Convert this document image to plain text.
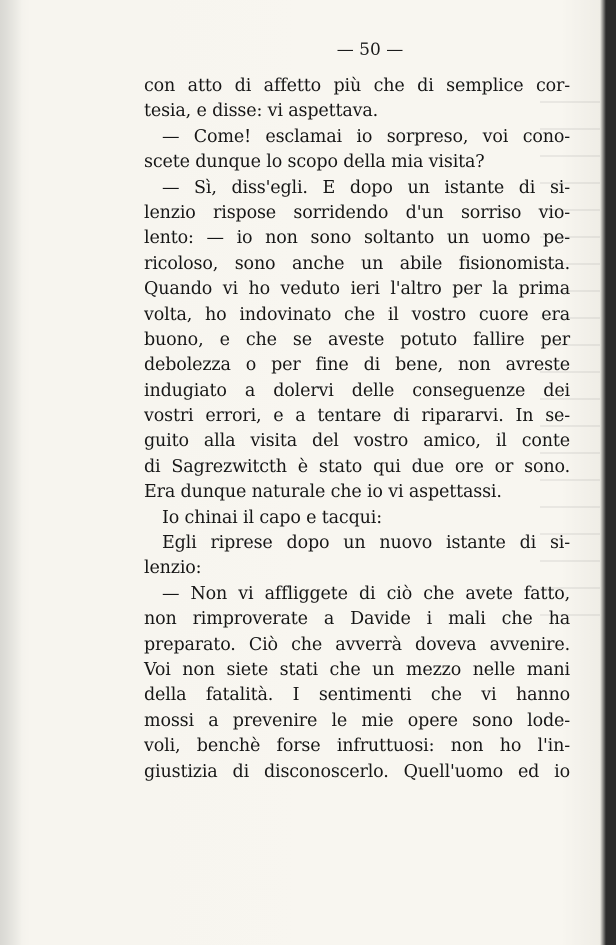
— 50 —
con atto di affetto più che di semplice cor-
tesia, e disse: vi aspettava.
— Come! esclamai io sorpreso, voi cono-
scete dunque lo scopo della mia visita?
— Sì, diss'egli. E dopo un istante di si-
lenzio rispose sorridendo d'un sorriso vio-
lento: — io non sono soltanto un uomo pe-
ricoloso, sono anche un abile fisionomista.
Quando vi ho veduto ieri l'altro per la prima
volta, ho indovinato che il vostro cuore era
buono, e che se aveste potuto fallire per
debolezza o per fine di bene, non avreste
indugiato a dolervi delle conseguenze dei
vostri errori, e a tentare di ripararvi. In se-
guito alla visita del vostro amico, il conte
di Sagrezwitcth è stato qui due ore or sono.
Era dunque naturale che io vi aspettassi.
Io chinai il capo e tacqui:
Egli riprese dopo un nuovo istante di si-
lenzio:
— Non vi affliggete di ciò che avete fatto,
non rimproverate a Davide i mali che ha
preparato. Ciò che avverrà doveva avvenire.
Voi non siete stati che un mezzo nelle mani
della fatalità. I sentimenti che vi hanno
mossi a prevenire le mie opere sono lode-
voli, benchè forse infruttuosi: non ho l'in-
giustizia di disconoscerlo. Quell'uomo ed io
